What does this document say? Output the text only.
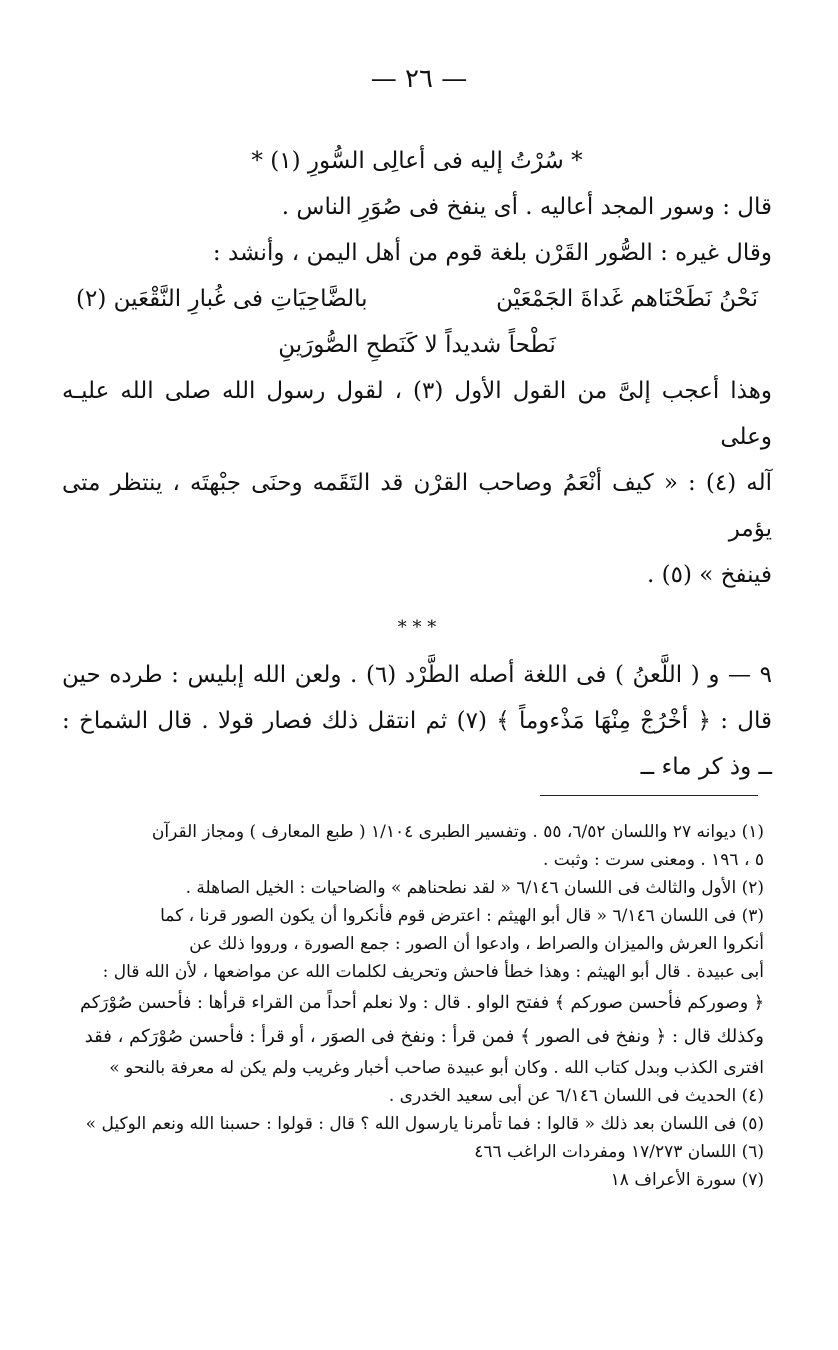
— ٢٦ —
* سُرْتُ إليه فى أعالِى السُّورِ (١) *
قال : وسور المجد أعاليه . أى ينفخ فى صُوَرِ الناس .
وقال غيره : الصُّور القَرْن بلغة قوم من أهل اليمن ، وأنشد :
نَحْنُ نَطَحْنَاهم غَداةَ الجَمْعَيْن
بالضَّاحِيَاتِ فى غُبارِ النَّقْعَين (٢)
نَطْحاً شديداً لا كَنَطحِ الصُّورَينِ
وهذا أعجب إلىَّ من القول الأول (٣) ، لقول رسول الله صلى الله عليـه وعلى
آله (٤) : « كيف أنْعَمُ وصاحب القرْن قد التَقَمه وحنَى جبْهتَه ، ينتظر متى يؤمر
فينفخ » (٥) .
* * *
٩ — و ( اللَّعنُ ) فى اللغة أصله الطَّرْد (٦) . ولعن الله إبليس : طرده حين
قال : ﴿ أخْرُجْ مِنْهَا مَذْءوماً ﴾ (٧) ثم انتقل ذلك فصار قولا . قال الشماخ :
ــ وذ كر ماء ــ
(١) ديوانه ٢٧ واللسان ٦/٥٢، ٥٥ . وتفسير الطبرى ١/١٠٤ ( طبع المعارف ) ومجاز القرآن
٥ ، ١٩٦ . ومعنى سرت : وثبت .
(٢) الأول والثالث فى اللسان ٦/١٤٦ « لقد نطحناهم » والضاحيات : الخيل الصاهلة .
(٣) فى اللسان ٦/١٤٦ « قال أبو الهيثم : اعترض قوم فأنكروا أن يكون الصور قرنا ، كما
أنكروا العرش والميزان والصراط ، وادعوا أن الصور : جمع الصورة ، ورووا ذلك عن
أبى عبيدة . قال أبو الهيثم : وهذا خطأ فاحش وتحريف لكلمات الله عن مواضعها ، لأن الله قال :
﴿ وصوركم فأحسن صوركم ﴾ ففتح الواو . قال : ولا نعلم أحداً من القراء قرأها : فأحسن صُوْرَكم
وكذلك قال : ﴿ ونفخ فى الصور ﴾ فمن قرأ : ونفخ فى الصوَر ، أو قرأ : فأحسن صُوْرَكم ، فقد
افترى الكذب وبدل كتاب الله . وكان أبو عبيدة صاحب أخبار وغريب ولم يكن له معرفة بالنحو »
(٤) الحديث فى اللسان ٦/١٤٦ عن أبى سعيد الخدرى .
(٥) فى اللسان بعد ذلك « قالوا : فما تأمرنا يارسول الله ؟ قال : قولوا : حسبنا الله ونعم الوكيل »
(٦) اللسان ١٧/٢٧٣ ومفردات الراغب ٤٦٦
(٧) سورة الأعراف ١٨
